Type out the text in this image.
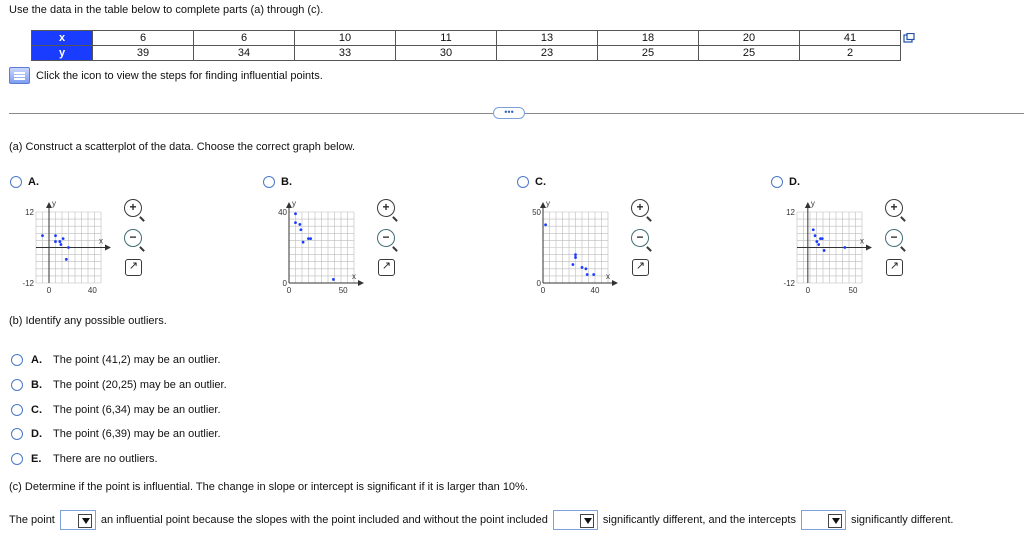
Use the data in the table below to complete parts (a) through (c).
x	6	6	10	11	13	18	20	41
y	39	34	33	30	23	25	25	2
Click the icon to view the steps for finding influential points.
•••
(a) Construct a scatterplot of the data. Choose the correct graph below.
A.
y
x
12
-12
0	40
+
−
↗
B.
y
x
40
0
0	50
+
−
↗
C.
y
x
50
0
0	40
+
−
↗
D.
y
x
12
-12
0	50
+
−
↗
(b) Identify any possible outliers.
A. The point (41,2) may be an outlier.
B. The point (20,25) may be an outlier.
C. The point (6,34) may be an outlier.
D. The point (6,39) may be an outlier.
E.	There are no outliers.
(c) Determine if the point is influential. The change in slope or intercept is significant if it is larger than 10%.
The point	an influential point because the slopes with the point included and without the point included	significantly different, and the intercepts	significantly different.
